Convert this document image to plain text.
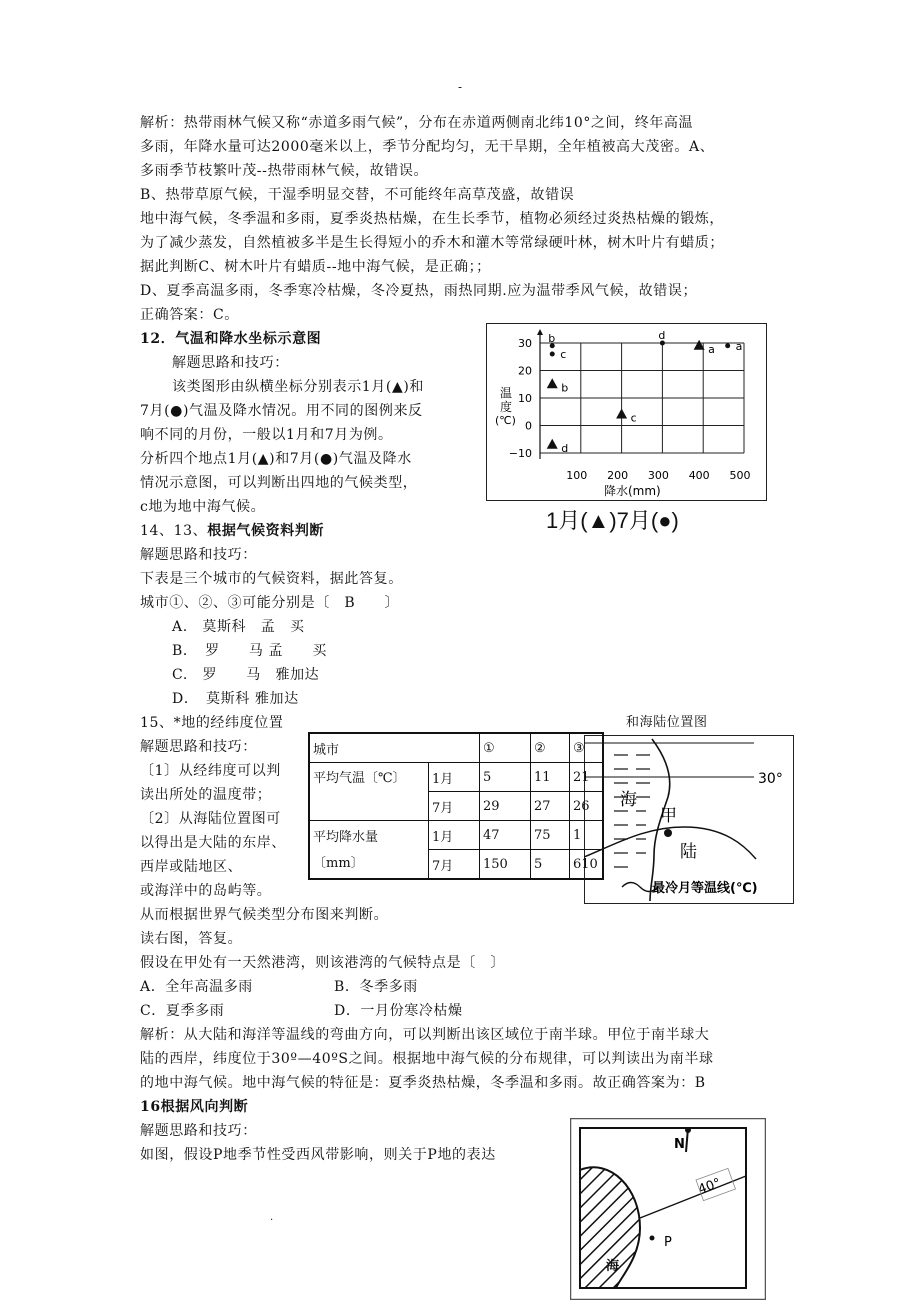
-
解析：热带雨林气候又称“赤道多雨气候”，分布在赤道两侧南北纬10°之间，终年高温
多雨，年降水量可达2000毫米以上，季节分配均匀，无干旱期，全年植被高大茂密。A、
多雨季节枝繁叶茂--热带雨林气候，故错误。
B、热带草原气候，干湿季明显交替，不可能终年高草茂盛，故错误
地中海气候，冬季温和多雨，夏季炎热枯燥，在生长季节，植物必须经过炎热枯燥的锻炼，
为了减少蒸发，自然植被多半是生长得短小的乔木和灌木等常绿硬叶林，树木叶片有蜡质；
据此判断C、树木叶片有蜡质--地中海气候，是正确；；
D、夏季高温多雨，冬季寒冷枯燥，冬冷夏热，雨热同期.应为温带季风气候，故错误；
正确答案：C。
12．气温和降水坐标示意图
解题思路和技巧：
该类图形由纵横坐标分别表示1月(▲)和
7月(●)气温及降水情况。用不同的图例来反
响不同的月份，一般以1月和7月为例。
分析四个地点1月(▲)和7月(●)气温及降水
情况示意图，可以判断出四地的气候类型，
c地为地中海气候。
−10
0
10
20
30
100 200 300 400 500
a
b
c
d
a
b
c
d
温
度
(℃)
降水(mm)
1月(▲)7月(●)
14、13、根据气候资料判断
解题思路和技巧：
下表是三个城市的气候资料，据此答复。
城市①、②、③可能分别是〔　B　　〕
A.　莫斯科　孟　买
B．　罗　　马 孟　　买
C.　罗　　马　雅加达
D．　莫斯科 雅加达
15、*地的经纬度位置	和海陆位置图
解题思路和技巧：
〔1〕从经纬度可以判
读出所处的温度带；
〔2〕从海陆位置图可
以得出是大陆的东岸、
西岸或陆地区、
或海洋中的岛屿等。
从而根据世界气候类型分布图来判断。
读右图，答复。
假设在甲处有一天然港湾，则该港湾的气候特点是〔　〕
A．全年高温多雨	B．冬季多雨
C．夏季多雨	D．一月份寒冷枯燥
解析：从大陆和海洋等温线的弯曲方向，可以判断出该区域位于南半球。甲位于南半球大
陆的西岸，纬度位于30º—40ºS之间。根据地中海气候的分布规律，可以判读出为南半球
的地中海气候。地中海气候的特征是：夏季炎热枯燥，冬季温和多雨。故正确答案为：B
海
甲
陆
30°
最冷月等温线(℃)
城市		①	②	③
平均气温〔℃〕	1月	5	11	21
	7月	29	27	26
平均降水量
〔mm〕	1月	47	75	1
	7月	150	5	610
16根据风向判断
解题思路和技巧：
如图，假设P地季节性受西风带影响，则关于P地的表达
N
40°
P
海
.
